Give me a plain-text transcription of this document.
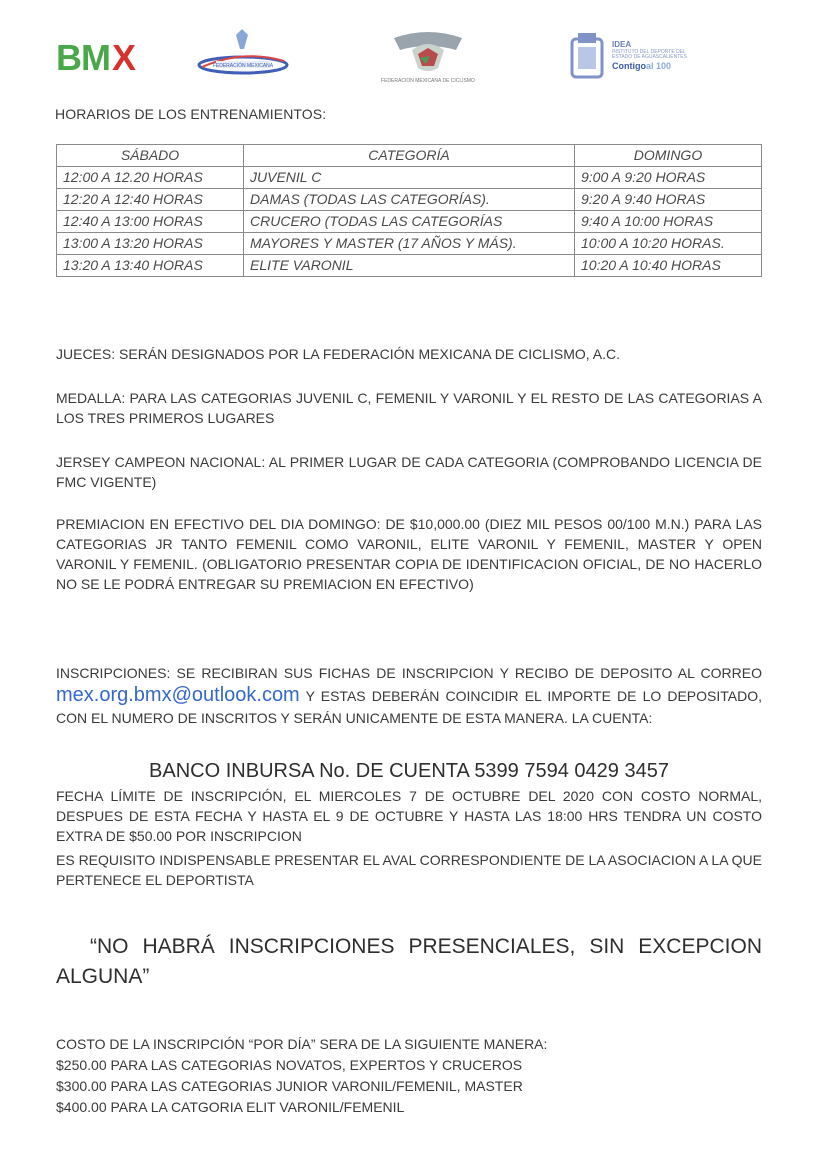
B M X	FEDERACIÓN MEXICANA
FEDERACION MEXICANA DE CICLISMO
IDEA
INSTITUTO DEL DEPORTE DEL ESTADO DE AGUASCALIENTES
Contigoal 100
HORARIOS DE LOS ENTRENAMIENTOS:
SÁBADO	CATEGORÍA	DOMINGO
12:00 A 12.20 HORAS	JUVENIL C	9:00 A 9:20 HORAS
12:20 A 12:40 HORAS	DAMAS (TODAS LAS CATEGORÍAS).	9:20 A 9:40 HORAS
12:40 A 13:00 HORAS	CRUCERO (TODAS LAS CATEGORÍAS	9:40 A 10:00 HORAS
13:00 A 13:20 HORAS	MAYORES Y MASTER (17 AÑOS Y MÁS).	10:00 A 10:20 HORAS.
13:20 A 13:40 HORAS	ELITE VARONIL	10:20 A 10:40 HORAS
JUECES: SERÁN DESIGNADOS POR LA FEDERACIÓN MEXICANA DE CICLISMO, A.C.
MEDALLA: PARA LAS CATEGORIAS JUVENIL C, FEMENIL Y VARONIL Y EL RESTO DE LAS CATEGORIAS A LOS TRES PRIMEROS LUGARES
JERSEY CAMPEON NACIONAL: AL PRIMER LUGAR DE CADA CATEGORIA (COMPROBANDO LICENCIA DE FMC VIGENTE)
PREMIACION EN EFECTIVO DEL DIA DOMINGO: DE $10,000.00 (DIEZ MIL PESOS 00/100 M.N.) PARA LAS CATEGORIAS JR TANTO FEMENIL COMO VARONIL, ELITE VARONIL Y FEMENIL, MASTER Y OPEN VARONIL Y FEMENIL. (OBLIGATORIO PRESENTAR COPIA DE IDENTIFICACION OFICIAL, DE NO HACERLO NO SE LE PODRÁ ENTREGAR SU PREMIACION EN EFECTIVO)
INSCRIPCIONES: SE RECIBIRAN SUS FICHAS DE INSCRIPCION Y RECIBO DE DEPOSITO AL CORREO mex.org.bmx@outlook.com Y ESTAS DEBERÁN COINCIDIR EL IMPORTE DE LO DEPOSITADO, CON EL NUMERO DE INSCRITOS Y SERÁN UNICAMENTE DE ESTA MANERA. LA CUENTA:
BANCO INBURSA No. DE CUENTA 5399 7594 0429 3457
FECHA LÍMITE DE INSCRIPCIÓN, EL MIERCOLES 7 DE OCTUBRE DEL 2020 CON COSTO NORMAL, DESPUES DE ESTA FECHA Y HASTA EL 9 DE OCTUBRE Y HASTA LAS 18:00 HRS TENDRA UN COSTO EXTRA DE $50.00 POR INSCRIPCION
ES REQUISITO INDISPENSABLE PRESENTAR EL AVAL CORRESPONDIENTE DE LA ASOCIACION A LA QUE PERTENECE EL DEPORTISTA
“NO HABRÁ INSCRIPCIONES PRESENCIALES, SIN EXCEPCION ALGUNA”
COSTO DE LA INSCRIPCIÓN “POR DÍA” SERA DE LA SIGUIENTE MANERA:
$250.00 PARA LAS CATEGORIAS NOVATOS, EXPERTOS Y CRUCEROS
$300.00 PARA LAS CATEGORIAS JUNIOR VARONIL/FEMENIL, MASTER
$400.00 PARA LA CATGORIA ELIT VARONIL/FEMENIL
